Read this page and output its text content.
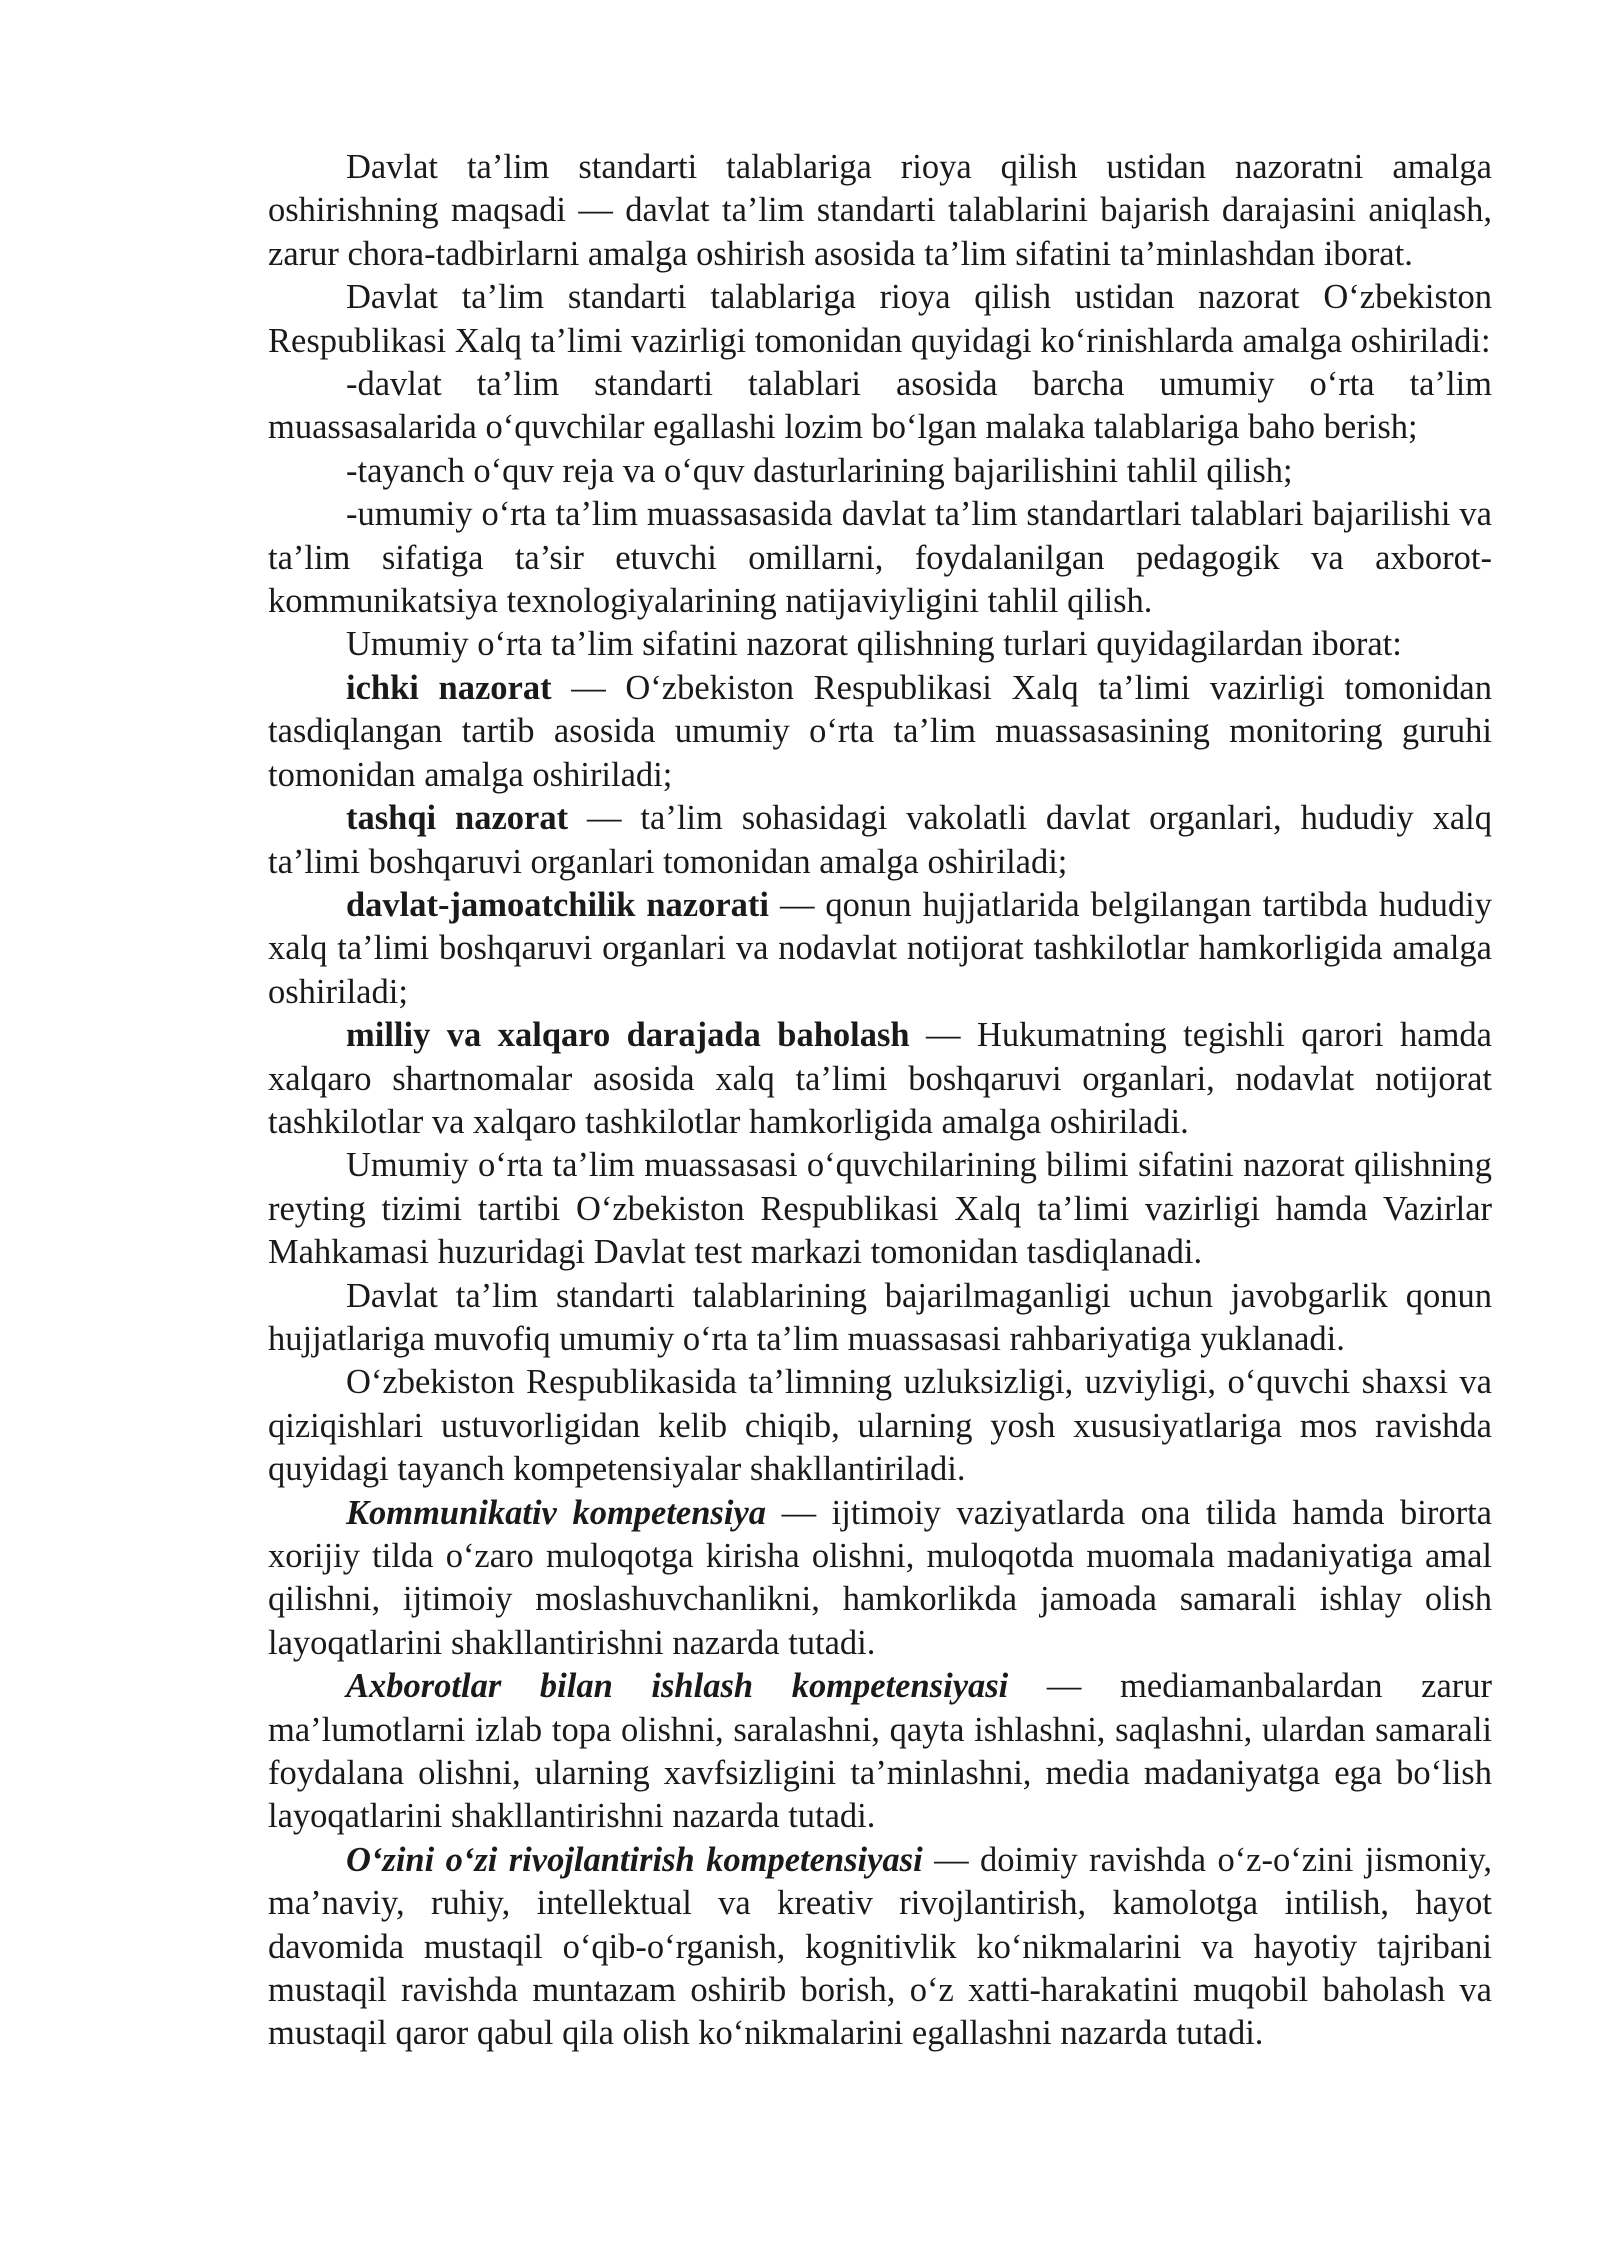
Davlat ta’lim standarti talablariga rioya qilish ustidan nazoratni amalga oshirishning maqsadi — davlat ta’lim standarti talablarini bajarish darajasini aniqlash, zarur chora-tadbirlarni amalga oshirish asosida ta’lim sifatini ta’minlashdan iborat.

Davlat ta’lim standarti talablariga rioya qilish ustidan nazorat O‘zbekiston Respublikasi Xalq ta’limi vazirligi tomonidan quyidagi ko‘rinishlarda amalga oshiriladi:

-davlat ta’lim standarti talablari asosida barcha umumiy o‘rta ta’lim muassasalarida o‘quvchilar egallashi lozim bo‘lgan malaka talablariga baho berish;

-tayanch o‘quv reja va o‘quv dasturlarining bajarilishini tahlil qilish;

-umumiy o‘rta ta’lim muassasasida davlat ta’lim standartlari talablari bajarilishi va ta’lim sifatiga ta’sir etuvchi omillarni, foydalanilgan pedagogik va axborot-kommunikatsiya texnologiyalarining natijaviyligini tahlil qilish.

Umumiy o‘rta ta’lim sifatini nazorat qilishning turlari quyidagilardan iborat:

ichki nazorat — O‘zbekiston Respublikasi Xalq ta’limi vazirligi tomonidan tasdiqlangan tartib asosida umumiy o‘rta ta’lim muassasasining monitoring guruhi tomonidan amalga oshiriladi;

tashqi nazorat — ta’lim sohasidagi vakolatli davlat organlari, hududiy xalq ta’limi boshqaruvi organlari tomonidan amalga oshiriladi;

davlat-jamoatchilik nazorati — qonun hujjatlarida belgilangan tartibda hududiy xalq ta’limi boshqaruvi organlari va nodavlat notijorat tashkilotlar hamkorligida amalga oshiriladi;

milliy va xalqaro darajada baholash — Hukumatning tegishli qarori hamda xalqaro shartnomalar asosida xalq ta’limi boshqaruvi organlari, nodavlat notijorat tashkilotlar va xalqaro tashkilotlar hamkorligida amalga oshiriladi.

Umumiy o‘rta ta’lim muassasasi o‘quvchilarining bilimi sifatini nazorat qilishning reyting tizimi tartibi O‘zbekiston Respublikasi Xalq ta’limi vazirligi hamda Vazirlar Mahkamasi huzuridagi Davlat test markazi tomonidan tasdiqlanadi.

Davlat ta’lim standarti talablarining bajarilmaganligi uchun javobgarlik qonun hujjatlariga muvofiq umumiy o‘rta ta’lim muassasasi rahbariyatiga yuklanadi.

O‘zbekiston Respublikasida ta’limning uzluksizligi, uzviyligi, o‘quvchi shaxsi va qiziqishlari ustuvorligidan kelib chiqib, ularning yosh xususiyatlariga mos ravishda quyidagi tayanch kompetensiyalar shakllantiriladi.

Kommunikativ kompetensiya — ijtimoiy vaziyatlarda ona tilida hamda birorta xorijiy tilda o‘zaro muloqotga kirisha olishni, muloqotda muomala madaniyatiga amal qilishni, ijtimoiy moslashuvchanlikni, hamkorlikda jamoada samarali ishlay olish layoqatlarini shakllantirishni nazarda tutadi.

Axborotlar bilan ishlash kompetensiyasi — mediamanbalardan zarur ma’lumotlarni izlab topa olishni, saralashni, qayta ishlashni, saqlashni, ulardan samarali foydalana olishni, ularning xavfsizligini ta’minlashni, media madaniyatga ega bo‘lish layoqatlarini shakllantirishni nazarda tutadi.

O‘zini o‘zi rivojlantirish kompetensiyasi — doimiy ravishda o‘z-o‘zini jismoniy, ma’naviy, ruhiy, intellektual va kreativ rivojlantirish, kamolotga intilish, hayot davomida mustaqil o‘qib-o‘rganish, kognitivlik ko‘nikmalarini va hayotiy tajribani mustaqil ravishda muntazam oshirib borish, o‘z xatti-harakatini muqobil baholash va mustaqil qaror qabul qila olish ko‘nikmalarini egallashni nazarda tutadi.
